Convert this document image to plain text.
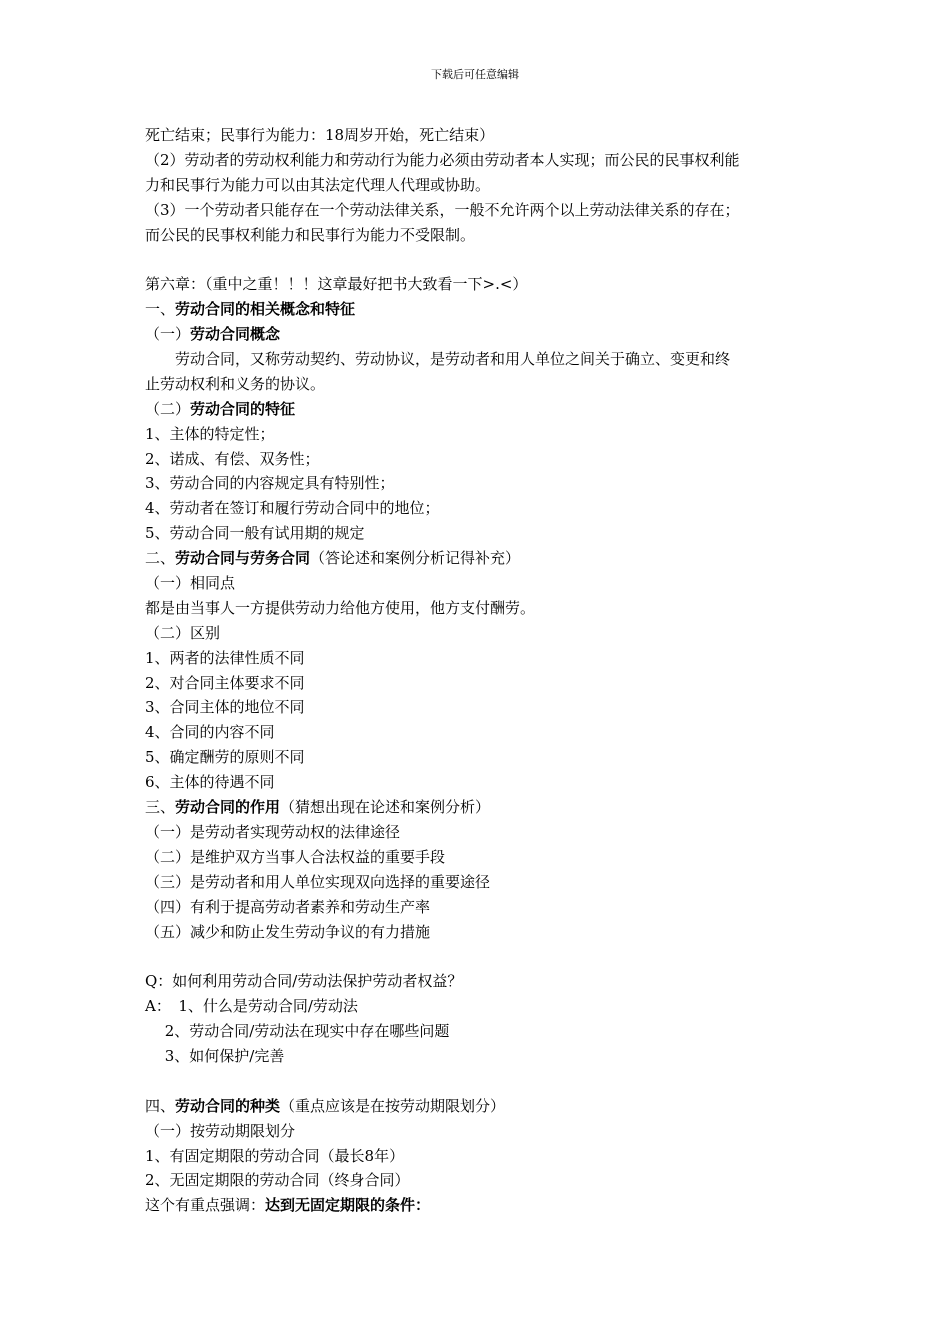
下载后可任意编辑
死亡结束；民事行为能力：18周岁开始，死亡结束）
（2）劳动者的劳动权利能力和劳动行为能力必须由劳动者本人实现；而公民的民事权利能
力和民事行为能力可以由其法定代理人代理或协助。
（3）一个劳动者只能存在一个劳动法律关系，一般不允许两个以上劳动法律关系的存在；
而公民的民事权利能力和民事行为能力不受限制。
第六章：（重中之重！！！这章最好把书大致看一下>.<）
一、劳动合同的相关概念和特征
（一）劳动合同概念
　　劳动合同，又称劳动契约、劳动协议，是劳动者和用人单位之间关于确立、变更和终
止劳动权利和义务的协议。
（二）劳动合同的特征
1、主体的特定性；
2、诺成、有偿、双务性；
3、劳动合同的内容规定具有特别性；
4、劳动者在签订和履行劳动合同中的地位；
5、劳动合同一般有试用期的规定
二、劳动合同与劳务合同（答论述和案例分析记得补充）
（一）相同点
都是由当事人一方提供劳动力给他方使用，他方支付酬劳。
（二）区别
1、两者的法律性质不同
2、对合同主体要求不同
3、合同主体的地位不同
4、合同的内容不同
5、确定酬劳的原则不同
6、主体的待遇不同
三、劳动合同的作用（猜想出现在论述和案例分析）
（一）是劳动者实现劳动权的法律途径
（二）是维护双方当事人合法权益的重要手段
（三）是劳动者和用人单位实现双向选择的重要途径
（四）有利于提高劳动者素养和劳动生产率
（五）减少和防止发生劳动争议的有力措施
Q：如何利用劳动合同/劳动法保护劳动者权益？
A：　1、什么是劳动合同/劳动法
　 2、劳动合同/劳动法在现实中存在哪些问题
　 3、如何保护/完善
四、劳动合同的种类（重点应该是在按劳动期限划分）
（一）按劳动期限划分
1、有固定期限的劳动合同（最长8年）
2、无固定期限的劳动合同（终身合同）
这个有重点强调：达到无固定期限的条件：
